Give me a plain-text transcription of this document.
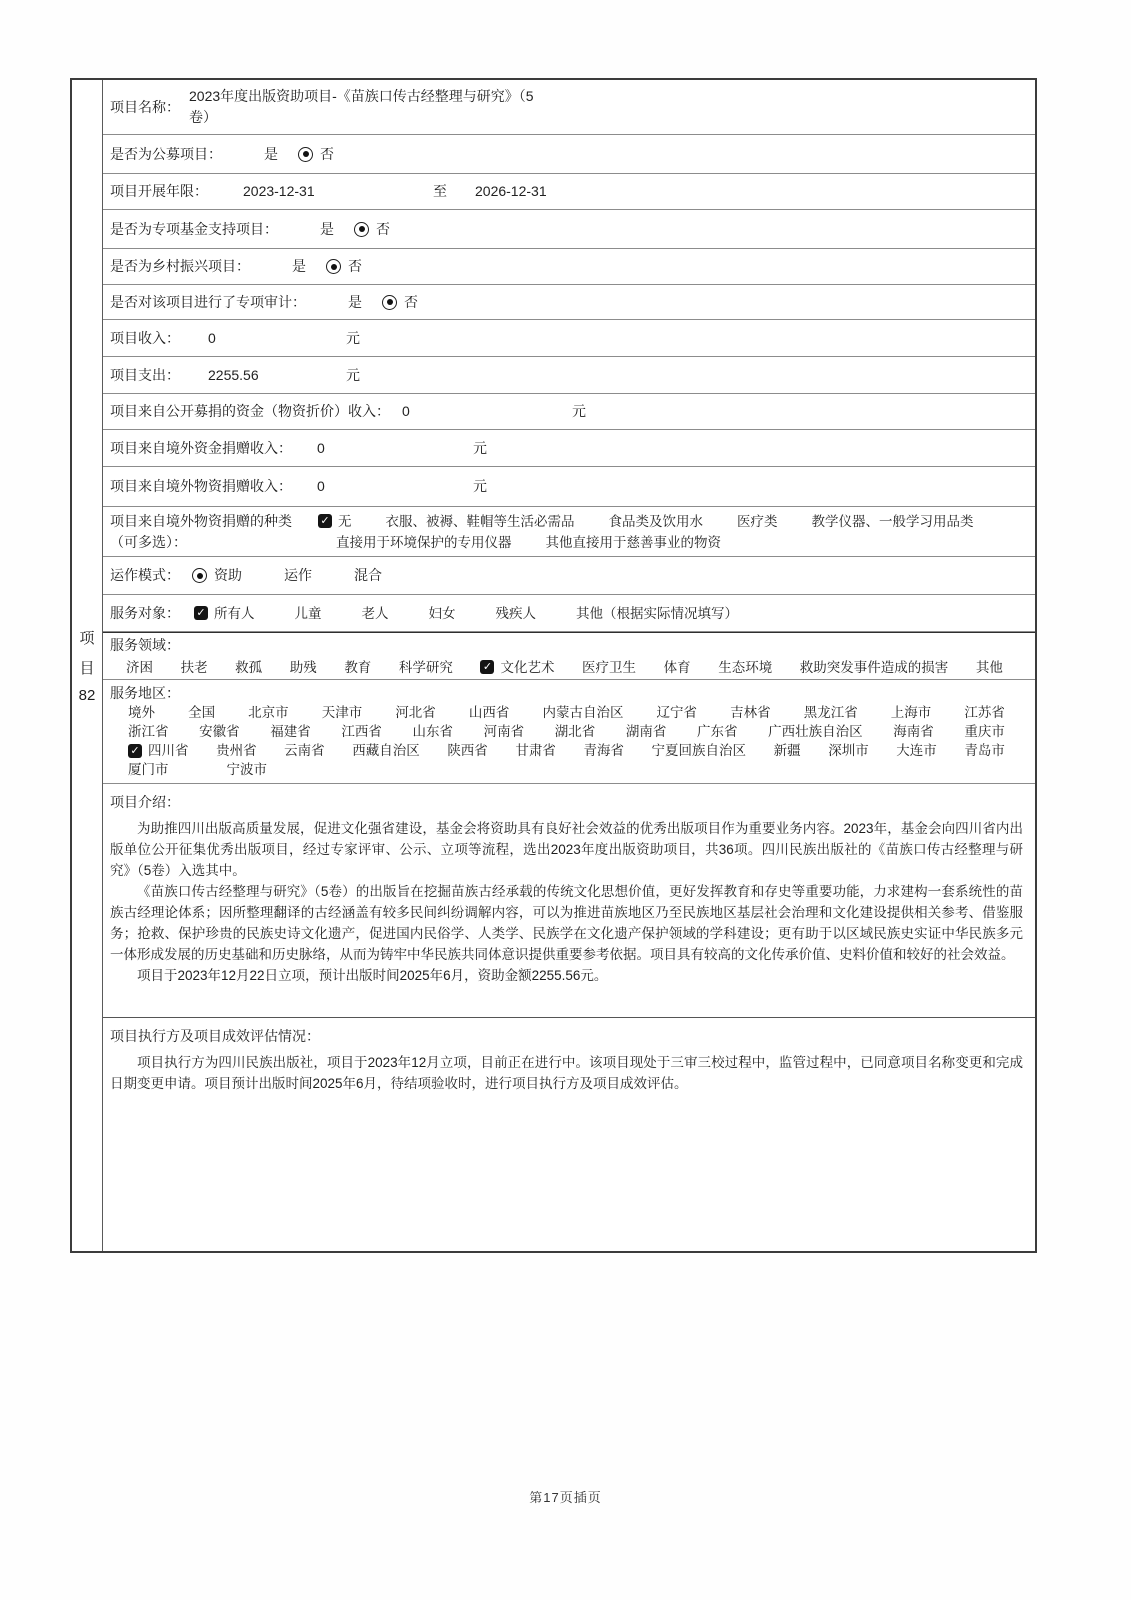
项
目
82
项目名称：
2023年度出版资助项目-《苗族口传古经整理与研究》（5卷）
是否为公募项目：	是	否
项目开展年限：	2023-12-31	至	2026-12-31
是否为专项基金支持项目：	是	否
是否为乡村振兴项目：	是	否
是否对该项目进行了专项审计：	是	否
项目收入： 0	元
项目支出： 2255.56	元
项目来自公开募捐的资金（物资折价）收入： 0	元
项目来自境外资金捐赠收入： 0	元
项目来自境外物资捐赠收入： 0	元
项目来自境外物资捐赠的种类
（可多选）：
✓ 无	衣服、被褥、鞋帽等生活必需品	食品类及饮用水	医疗类	教学仪器、一般学习用品类
直接用于环境保护的专用仪器	其他直接用于慈善事业的物资
运作模式： 资助	运作	混合
服务对象： ✓ 所有人	儿童	老人	妇女	残疾人	其他（根据实际情况填写）
服务领域：
济困 扶老 救孤 助残 教育 科学研究	✓ 文化艺术 医疗卫生 体育 生态环境 救助突发事件造成的损害 其他
服务地区：
境外 全国 北京市 天津市 河北省 山西省 内蒙古自治区 辽宁省 吉林省 黑龙江省 上海市 江苏省
浙江省 安徽省 福建省 江西省 山东省 河南省 湖北省 湖南省 广东省 广西壮族自治区 海南省 重庆市
✓ 四川省 贵州省 云南省 西藏自治区 陕西省 甘肃省 青海省 宁夏回族自治区 新疆 深圳市 大连市 青岛市
厦门市	宁波市
项目介绍：

为助推四川出版高质量发展，促进文化强省建设，基金会将资助具有良好社会效益的优秀出版项目作为重要业务内容。2023年，基金会向四川省内出版单位公开征集优秀出版项目，经过专家评审、公示、立项等流程，选出2023年度出版资助项目，共36项。四川民族出版社的《苗族口传古经整理与研究》（5卷）入选其中。

《苗族口传古经整理与研究》（5卷）的出版旨在挖掘苗族古经承载的传统文化思想价值，更好发挥教育和存史等重要功能，力求建构一套系统性的苗族古经理论体系；因所整理翻译的古经涵盖有较多民间纠纷调解内容，可以为推进苗族地区乃至民族地区基层社会治理和文化建设提供相关参考、借鉴服务；抢救、保护珍贵的民族史诗文化遗产，促进国内民俗学、人类学、民族学在文化遗产保护领域的学科建设；更有助于以区域民族史实证中华民族多元一体形成发展的历史基础和历史脉络，从而为铸牢中华民族共同体意识提供重要参考依据。项目具有较高的文化传承价值、史料价值和较好的社会效益。

项目于2023年12月22日立项，预计出版时间2025年6月，资助金额2255.56元。

项目执行方及项目成效评估情况：

项目执行方为四川民族出版社，项目于2023年12月立项，目前正在进行中。该项目现处于三审三校过程中，监管过程中，已同意项目名称变更和完成日期变更申请。项目预计出版时间2025年6月，待结项验收时，进行项目执行方及项目成效评估。

第17页插页
